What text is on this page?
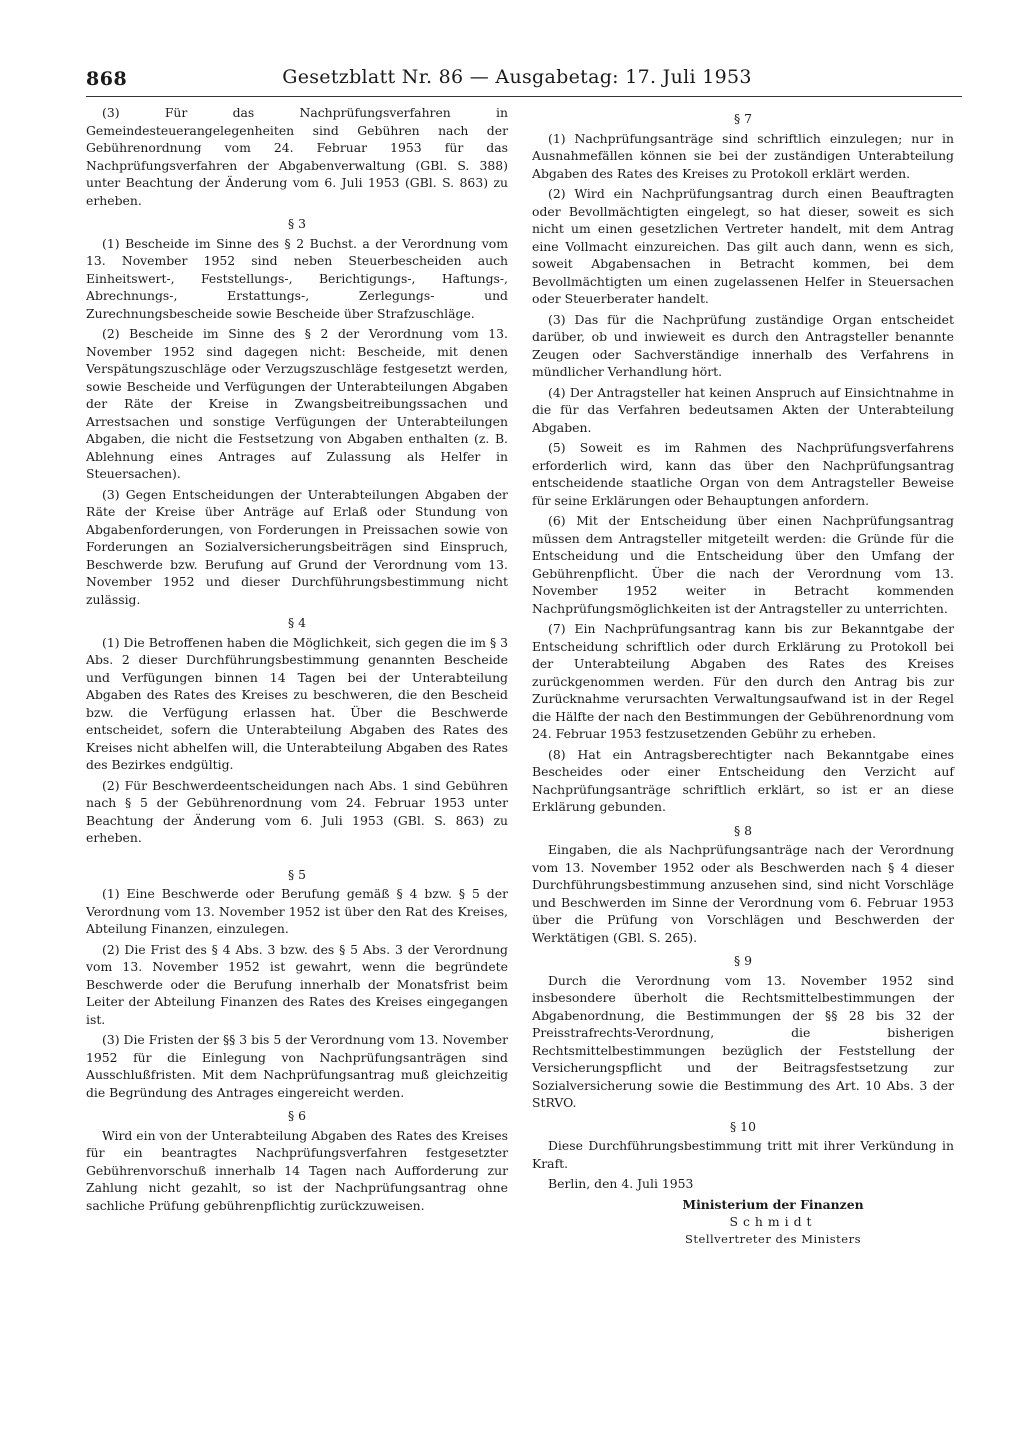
868	Gesetzblatt Nr. 86 — Ausgabetag: 17. Juli 1953

(3) Für das Nachprüfungsverfahren in Gemeindesteuerangelegenheiten sind Gebühren nach der Gebührenordnung vom 24. Februar 1953 für das Nachprüfungsverfahren der Abgabenverwaltung (GBl. S. 388) unter Beachtung der Änderung vom 6. Juli 1953 (GBl. S. 863) zu erheben.

§ 3

(1) Bescheide im Sinne des § 2 Buchst. a der Verordnung vom 13. November 1952 sind neben Steuerbescheiden auch Einheitswert-, Feststellungs-, Berichtigungs-, Haftungs-, Abrechnungs-, Erstattungs-, Zerlegungs- und Zurechnungsbescheide sowie Bescheide über Strafzuschläge.

(2) Bescheide im Sinne des § 2 der Verordnung vom 13. November 1952 sind dagegen nicht: Bescheide, mit denen Verspätungszuschläge oder Verzugszuschläge festgesetzt werden, sowie Bescheide und Verfügungen der Unterabteilungen Abgaben der Räte der Kreise in Zwangsbeitreibungssachen und Arrestsachen und sonstige Verfügungen der Unterabteilungen Abgaben, die nicht die Festsetzung von Abgaben enthalten (z. B. Ablehnung eines Antrages auf Zulassung als Helfer in Steuersachen).

(3) Gegen Entscheidungen der Unterabteilungen Abgaben der Räte der Kreise über Anträge auf Erlaß oder Stundung von Abgabenforderungen, von Forderungen in Preissachen sowie von Forderungen an Sozialversicherungsbeiträgen sind Einspruch, Beschwerde bzw. Berufung auf Grund der Verordnung vom 13. November 1952 und dieser Durchführungsbestimmung nicht zulässig.

§ 4

(1) Die Betroffenen haben die Möglichkeit, sich gegen die im § 3 Abs. 2 dieser Durchführungsbestimmung genannten Bescheide und Verfügungen binnen 14 Tagen bei der Unterabteilung Abgaben des Rates des Kreises zu beschweren, die den Bescheid bzw. die Verfügung erlassen hat. Über die Beschwerde entscheidet, sofern die Unterabteilung Abgaben des Rates des Kreises nicht abhelfen will, die Unterabteilung Abgaben des Rates des Bezirkes endgültig.

(2) Für Beschwerdeentscheidungen nach Abs. 1 sind Gebühren nach § 5 der Gebührenordnung vom 24. Februar 1953 unter Beachtung der Änderung vom 6. Juli 1953 (GBl. S. 863) zu erheben.

§ 5

(1) Eine Beschwerde oder Berufung gemäß § 4 bzw. § 5 der Verordnung vom 13. November 1952 ist über den Rat des Kreises, Abteilung Finanzen, einzulegen.

(2) Die Frist des § 4 Abs. 3 bzw. des § 5 Abs. 3 der Verordnung vom 13. November 1952 ist gewahrt, wenn die begründete Beschwerde oder die Berufung innerhalb der Monatsfrist beim Leiter der Abteilung Finanzen des Rates des Kreises eingegangen ist.

(3) Die Fristen der §§ 3 bis 5 der Verordnung vom 13. November 1952 für die Einlegung von Nachprüfungsanträgen sind Ausschlußfristen. Mit dem Nachprüfungsantrag muß gleichzeitig die Begründung des Antrages eingereicht werden.

§ 6

Wird ein von der Unterabteilung Abgaben des Rates des Kreises für ein beantragtes Nachprüfungsverfahren festgesetzter Gebührenvorschuß innerhalb 14 Tagen nach Aufforderung zur Zahlung nicht gezahlt, so ist der Nachprüfungsantrag ohne sachliche Prüfung gebührenpflichtig zurückzuweisen.

§ 7

(1) Nachprüfungsanträge sind schriftlich einzulegen; nur in Ausnahmefällen können sie bei der zuständigen Unterabteilung Abgaben des Rates des Kreises zu Protokoll erklärt werden.

(2) Wird ein Nachprüfungsantrag durch einen Beauftragten oder Bevollmächtigten eingelegt, so hat dieser, soweit es sich nicht um einen gesetzlichen Vertreter handelt, mit dem Antrag eine Vollmacht einzureichen. Das gilt auch dann, wenn es sich, soweit Abgabensachen in Betracht kommen, bei dem Bevollmächtigten um einen zugelassenen Helfer in Steuersachen oder Steuerberater handelt.

(3) Das für die Nachprüfung zuständige Organ entscheidet darüber, ob und inwieweit es durch den Antragsteller benannte Zeugen oder Sachverständige innerhalb des Verfahrens in mündlicher Verhandlung hört.

(4) Der Antragsteller hat keinen Anspruch auf Einsichtnahme in die für das Verfahren bedeutsamen Akten der Unterabteilung Abgaben.

(5) Soweit es im Rahmen des Nachprüfungsverfahrens erforderlich wird, kann das über den Nachprüfungsantrag entscheidende staatliche Organ von dem Antragsteller Beweise für seine Erklärungen oder Behauptungen anfordern.

(6) Mit der Entscheidung über einen Nachprüfungsantrag müssen dem Antragsteller mitgeteilt werden: die Gründe für die Entscheidung und die Entscheidung über den Umfang der Gebührenpflicht. Über die nach der Verordnung vom 13. November 1952 weiter in Betracht kommenden Nachprüfungsmöglichkeiten ist der Antragsteller zu unterrichten.

(7) Ein Nachprüfungsantrag kann bis zur Bekanntgabe der Entscheidung schriftlich oder durch Erklärung zu Protokoll bei der Unterabteilung Abgaben des Rates des Kreises zurückgenommen werden. Für den durch den Antrag bis zur Zurücknahme verursachten Verwaltungsaufwand ist in der Regel die Hälfte der nach den Bestimmungen der Gebührenordnung vom 24. Februar 1953 festzusetzenden Gebühr zu erheben.

(8) Hat ein Antragsberechtigter nach Bekanntgabe eines Bescheides oder einer Entscheidung den Verzicht auf Nachprüfungsanträge schriftlich erklärt, so ist er an diese Erklärung gebunden.

§ 8

Eingaben, die als Nachprüfungsanträge nach der Verordnung vom 13. November 1952 oder als Beschwerden nach § 4 dieser Durchführungsbestimmung anzusehen sind, sind nicht Vorschläge und Beschwerden im Sinne der Verordnung vom 6. Februar 1953 über die Prüfung von Vorschlägen und Beschwerden der Werktätigen (GBl. S. 265).

§ 9

Durch die Verordnung vom 13. November 1952 sind insbesondere überholt die Rechtsmittelbestimmungen der Abgabenordnung, die Bestimmungen der §§ 28 bis 32 der Preisstrafrechts-Verordnung, die bisherigen Rechtsmittelbestimmungen bezüglich der Feststellung der Versicherungspflicht und der Beitragsfestsetzung zur Sozialversicherung sowie die Bestimmung des Art. 10 Abs. 3 der StRVO.

§ 10

Diese Durchführungsbestimmung tritt mit ihrer Verkündung in Kraft.

Berlin, den 4. Juli 1953

Ministerium der Finanzen
Schmidt
Stellvertreter des Ministers
